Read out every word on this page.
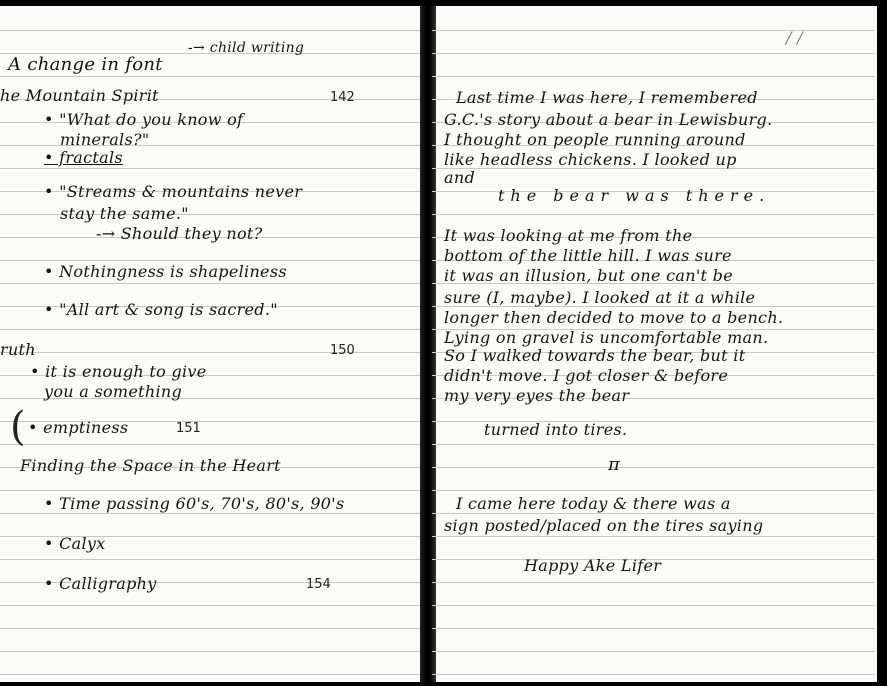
A change in font
-→ child writing
he Mountain Spirit	142
• "What do you know of
minerals?"
• fractals
• "Streams & mountains never
stay the same."
-→ Should they not?
• Nothingness is shapeliness
• "All art & song is sacred."
ruth	150
• it is enough to give
you a something
( • emptiness	151
Finding the Space in the Heart
• Time passing 60's, 70's, 80's, 90's
• Calyx
• Calligraphy	154
/ /
Last time I was here, I remembered
G.C.'s story about a bear in Lewisburg.
I thought on people running around
like headless chickens. I looked up
and
the bear was there.
It was looking at me from the
bottom of the little hill. I was sure
it was an illusion, but one can't be
sure (I, maybe). I looked at it a while
longer then decided to move to a bench.
Lying on gravel is uncomfortable man.
So I walked towards the bear, but it
didn't move. I got closer & before
my very eyes the bear
turned into tires.
π
I came here today & there was a
sign posted/placed on the tires saying
Happy Ake Lifer
